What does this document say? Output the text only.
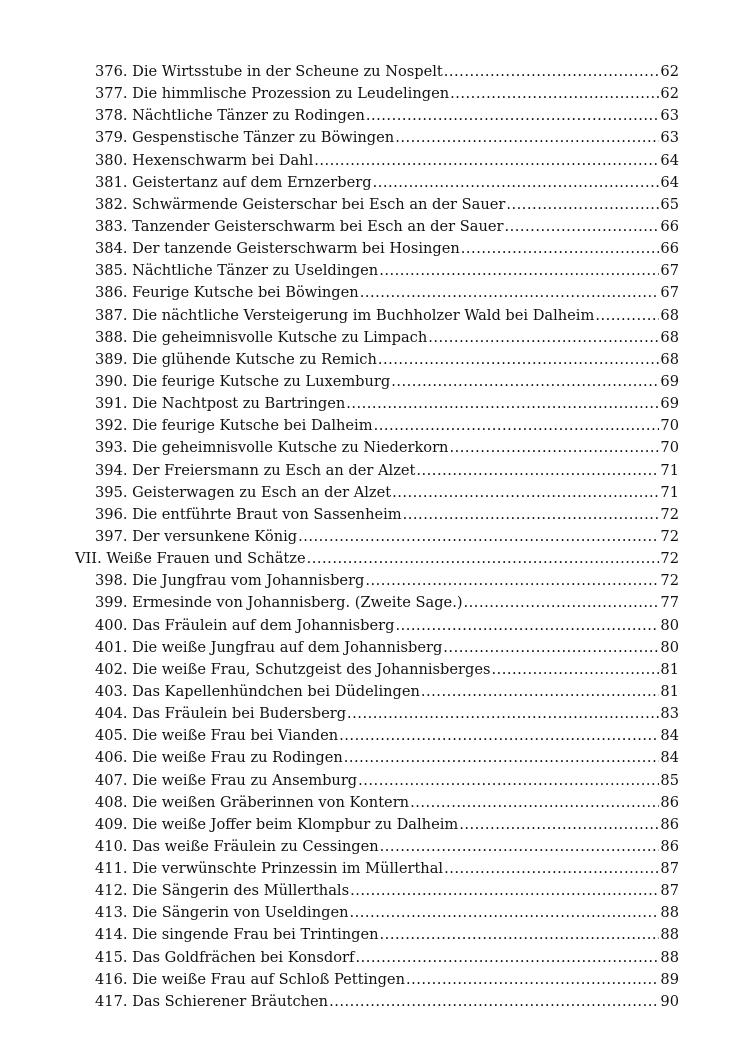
376. Die Wirtsstube in der Scheune zu Nospelt .....	62
377. Die himmlische Prozession zu Leudelingen .....	62
378. Nächtliche Tänzer zu Rodingen .....	63
379. Gespenstische Tänzer zu Böwingen .....	63
380. Hexenschwarm bei Dahl .....	64
381. Geistertanz auf dem Ernzerberg .....	64
382. Schwärmende Geisterschar bei Esch an der Sauer .....	65
383. Tanzender Geisterschwarm bei Esch an der Sauer .....	66
384. Der tanzende Geisterschwarm bei Hosingen .....	66
385. Nächtliche Tänzer zu Useldingen .....	67
386. Feurige Kutsche bei Böwingen .....	67
387. Die nächtliche Versteigerung im Buchholzer Wald bei Dalheim .....	68
388. Die geheimnisvolle Kutsche zu Limpach .....	68
389. Die glühende Kutsche zu Remich .....	68
390. Die feurige Kutsche zu Luxemburg .....	69
391. Die Nachtpost zu Bartringen .....	69
392. Die feurige Kutsche bei Dalheim .....	70
393. Die geheimnisvolle Kutsche zu Niederkorn .....	70
394. Der Freiersmann zu Esch an der Alzet .....	71
395. Geisterwagen zu Esch an der Alzet .....	71
396. Die entführte Braut von Sassenheim .....	72
397. Der versunkene König .....	72
VII. Weiße Frauen und Schätze .....	72
398. Die Jungfrau vom Johannisberg .....	72
399. Ermesinde von Johannisberg. (Zweite Sage.) .....	77
400. Das Fräulein auf dem Johannisberg .....	80
401. Die weiße Jungfrau auf dem Johannisberg .....	80
402. Die weiße Frau, Schutzgeist des Johannisberges .....	81
403. Das Kapellenhündchen bei Düdelingen .....	81
404. Das Fräulein bei Budersberg .....	83
405. Die weiße Frau bei Vianden .....	84
406. Die weiße Frau zu Rodingen .....	84
407. Die weiße Frau zu Ansemburg .....	85
408. Die weißen Gräberinnen von Kontern .....	86
409. Die weiße Joffer beim Klompbur zu Dalheim .....	86
410. Das weiße Fräulein zu Cessingen .....	86
411. Die verwünschte Prinzessin im Müllerthal .....	87
412. Die Sängerin des Müllerthals .....	87
413. Die Sängerin von Useldingen .....	88
414. Die singende Frau bei Trintingen .....	88
415. Das Goldfrächen bei Konsdorf .....	88
416. Die weiße Frau auf Schloß Pettingen .....	89
417. Das Schierener Bräutchen .....	90
